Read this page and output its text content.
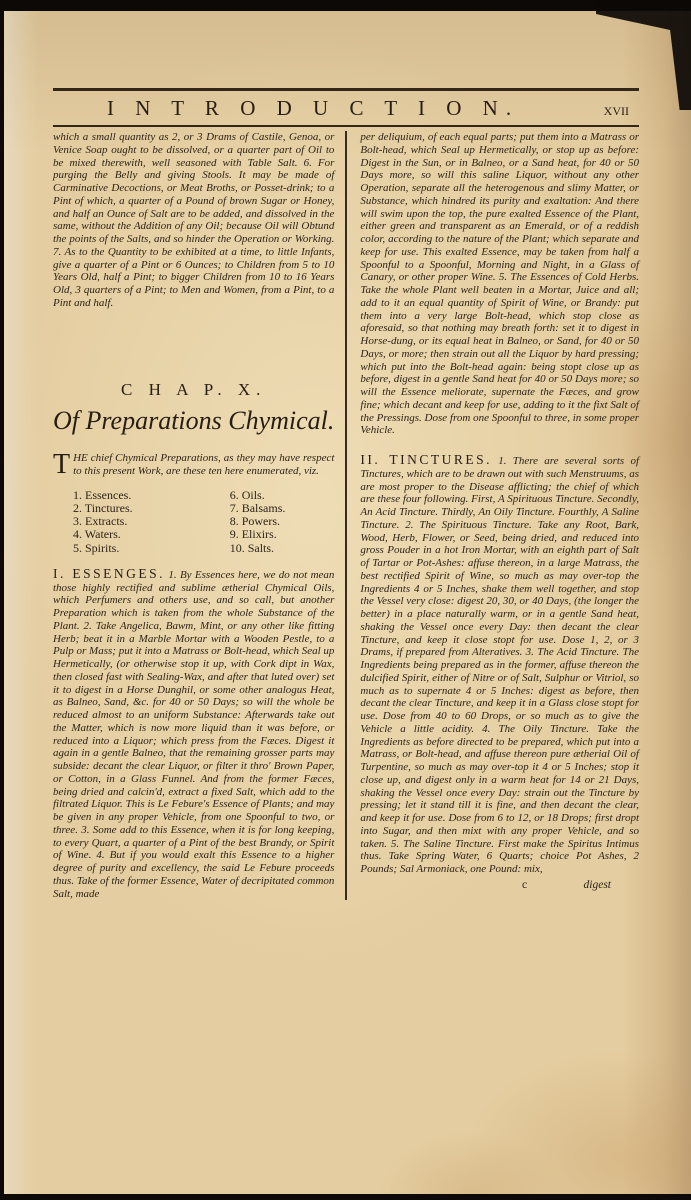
I N T R O D U C T I O N.	xvii

which a small quantity as 2, or 3 Drams of Castile, Genoa, or Venice Soap ought to be dissolved, or a quarter part of Oil to be mixed therewith, well seasoned with Table Salt. 6. For purging the Belly and giving Stools. It may be made of Carminative Decoctions, or Meat Broths, or Posset-drink; to a Pint of which, a quarter of a Pound of brown Sugar or Honey, and half an Ounce of Salt are to be added, and dissolved in the same, without the Addition of any Oil; because Oil will Obtund the points of the Salts, and so hinder the Operation or Working. 7. As to the Quantity to be exhibited at a time, to little Infants, give a quarter of a Pint or 6 Ounces; to Children from 5 to 10 Years Old, half a Pint; to bigger Children from 10 to 16 Years Old, 3 quarters of a Pint; to Men and Women, from a Pint, to a Pint and half.

C H A P. X.
Of Preparations Chymical.

THE chief Chymical Preparations, as they may have respect to this present Work, are these ten here enumerated, viz.

1. Essences.	6. Oils.
2. Tinctures.	7. Balsams.
3. Extracts.	8. Powers.
4. Waters.	9. Elixirs.
5. Spirits.	10. Salts.

I. ESSENGES. 1. By Essences here, we do not mean those highly rectified and sublime ætherial Chymical Oils, which Perfumers and others use, and so call, but another Preparation which is taken from the whole Substance of the Plant. 2. Take Angelica, Bawm, Mint, or any other like fitting Herb; beat it in a Marble Mortar with a Wooden Pestle, to a Pulp or Mass; put it into a Matrass or Bolt-head, which Seal up Hermetically, (or otherwise stop it up, with Cork dipt in Wax, then closed fast with Sealing-Wax, and after that luted over) set it to digest in a Horse Dunghil, or some other analogus Heat, as Balneo, Sand, &c. for 40 or 50 Days; so will the whole be reduced almost to an uniform Substance: Afterwards take out the Matter, which is now more liquid than it was before, or reduced into a Liquor; which press from the Fæces. Digest it again in a gentle Balneo, that the remaining grosser parts may subside: decant the clear Liquor, or filter it thro' Brown Paper, or Cotton, in a Glass Funnel. And from the former Fæces, being dried and calcin'd, extract a fixed Salt, which add to the filtrated Liquor. This is Le Febure's Essence of Plants; and may be given in any proper Vehicle, from one Spoonful to two, or three. 3. Some add to this Essence, when it is for long keeping, to every Quart, a quarter of a Pint of the best Brandy, or Spirit of Wine. 4. But if you would exalt this Essence to a higher degree of purity and excellency, the said Le Febure proceeds thus. Take of the former Essence, Water of decripitated common Salt, made

per deliquium, of each equal parts; put them into a Matrass or Bolt-head, which Seal up Hermetically, or stop up as before: Digest in the Sun, or in Balneo, or a Sand heat, for 40 or 50 Days more, so will this saline Liquor, without any other Operation, separate all the heterogenous and slimy Matter, or Substance, which hindred its purity and exaltation: And there will swim upon the top, the pure exalted Essence of the Plant, either green and transparent as an Emerald, or of a reddish color, according to the nature of the Plant; which separate and keep for use. This exalted Essence, may be taken from half a Spoonful to a Spoonful, Morning and Night, in a Glass of Canary, or other proper Wine. 5. The Essences of Cold Herbs. Take the whole Plant well beaten in a Mortar, Juice and all; add to it an equal quantity of Spirit of Wine, or Brandy: put them into a very large Bolt-head, which stop close as aforesaid, so that nothing may breath forth: set it to digest in Horse-dung, or its equal heat in Balneo, or Sand, for 40 or 50 Days, or more; then strain out all the Liquor by hard pressing; which put into the Bolt-head again: being stopt close up as before, digest in a gentle Sand heat for 40 or 50 Days more; so will the Essence meliorate, supernate the Fæces, and grow fine; which decant and keep for use, adding to it the fixt Salt of the Pressings. Dose from one Spoonful to three, in some proper Vehicle.

II. TINCTURES. 1. There are several sorts of Tinctures, which are to be drawn out with such Menstruums, as are most proper to the Disease afflicting; the chief of which are these four following. First, A Spirituous Tincture. Secondly, An Acid Tincture. Thirdly, An Oily Tincture. Fourthly, A Saline Tincture. 2. The Spirituous Tincture. Take any Root, Bark, Wood, Herb, Flower, or Seed, being dried, and reduced into gross Pouder in a hot Iron Mortar, with an eighth part of Salt of Tartar or Pot-Ashes: affuse thereon, in a large Matrass, the best rectified Spirit of Wine, so much as may over-top the Ingredients 4 or 5 Inches, shake them well together, and stop the Vessel very close: digest 20, 30, or 40 Days, (the longer the better) in a place naturally warm, or in a gentle Sand heat, shaking the Vessel once every Day: then decant the clear Tincture, and keep it close stopt for use. Dose 1, 2, or 3 Drams, if prepared from Alteratives. 3. The Acid Tincture. The Ingredients being prepared as in the former, affuse thereon the dulcified Spirit, either of Nitre or of Salt, Sulphur or Vitriol, so much as to supernate 4 or 5 Inches: digest as before, then decant the clear Tincture, and keep it in a Glass close stopt for use. Dose from 40 to 60 Drops, or so much as to give the Vehicle a little acidity. 4. The Oily Tincture. Take the Ingredients as before directed to be prepared, which put into a Matrass, or Bolt-head, and affuse thereon pure ætherial Oil of Turpentine, so much as may over-top it 4 or 5 Inches; stop it close up, and digest only in a warm heat for 14 or 21 Days, shaking the Vessel once every Day: strain out the Tincture by pressing; let it stand till it is fine, and then decant the clear, and keep it for use. Dose from 6 to 12, or 18 Drops; first dropt into Sugar, and then mixt with any proper Vehicle, and so taken. 5. The Saline Tincture. First make the Spiritus Intimus thus. Take Spring Water, 6 Quarts; choice Pot Ashes, 2 Pounds; Sal Armoniack, one Pound: mix,

c	digest
